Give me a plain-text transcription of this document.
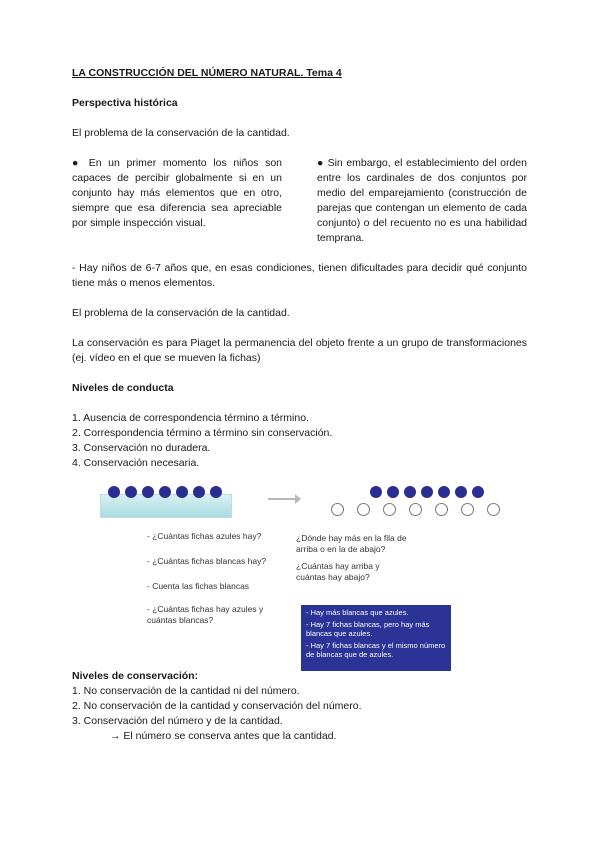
LA CONSTRUCCIÓN DEL NÚMERO NATURAL. Tema 4

Perspectiva histórica

El problema de la conservación de la cantidad.

● En un primer momento los niños son capaces de percibir globalmente si en un conjunto hay más elementos que en otro, siempre que esa diferencia sea apreciable por simple inspección visual.
● Sin embargo, el establecimiento del orden entre los cardinales de dos conjuntos por medio del emparejamiento (construcción de parejas que contengan un elemento de cada conjunto) o del recuento no es una habilidad temprana.

- Hay niños de 6-7 años que, en esas condiciones, tienen dificultades para decidir qué conjunto tiene más o menos elementos.

El problema de la conservación de la cantidad.

La conservación es para Piaget la permanencia del objeto frente a un grupo de transformaciones (ej. vídeo en el que se mueven la fichas)

Niveles de conducta

1. Ausencia de correspondencia término a término.
2. Correspondencia término a término sin conservación.
3. Conservación no duradera.
4. Conservación necesaria.
- ¿Cuántas fichas azules hay?
- ¿Cuántas fichas blancas hay?
- Cuenta las fichas blancas
- ¿Cuántas fichas hay azules y cuántas blancas?
¿Dónde hay más en la fila de arriba o en la de abajo?
¿Cuántas hay arriba y cuántas hay abajo?
- Hay más blancas que azules.
- Hay 7 fichas blancas, pero hay más blancas que azules.
- Hay 7 fichas blancas y el mismo número de blancas que de azules.

Niveles de conservación:

1. No conservación de la cantidad ni del número.
2. No conservación de la cantidad y conservación del número.
3. Conservación del número y de la cantidad.

→ El número se conserva antes que la cantidad.
